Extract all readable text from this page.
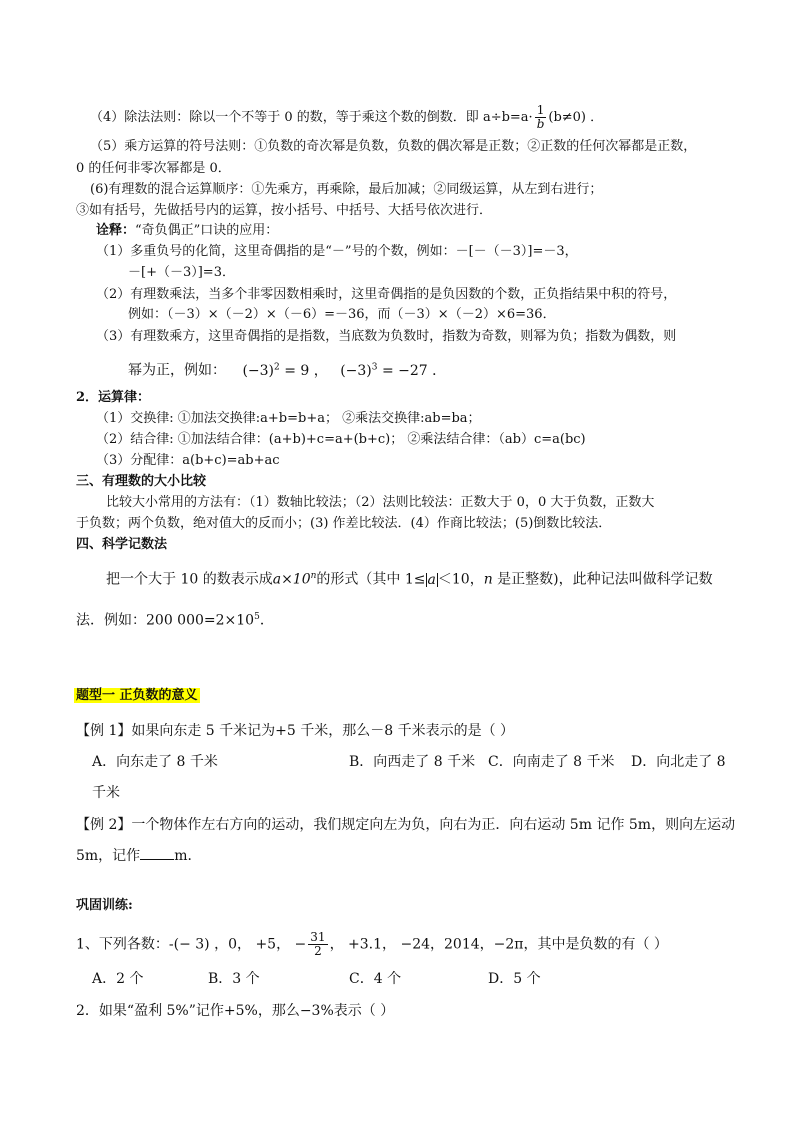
（4）除法法则：除以一个不等于 0 的数，等于乘这个数的倒数．即 $a\div b=a\cdot \frac{1}{b} (b\ne 0)$ ．
（5）乘方运算的符号法则：①负数的奇次幂是负数，负数的偶次幂是正数；②正数的任何次幂都是正数，
0 的任何非零次幂都是 0．
(6)有理数的混合运算顺序：①先乘方，再乘除，最后加减；②同级运算，从左到右进行；
③如有括号，先做括号内的运算，按小括号、中括号、大括号依次进行．
诠释：“奇负偶正”口诀的应用：
（1）多重负号的化简，这里奇偶指的是“－”号的个数，例如：－[－（－3）]=－3，
－[+（－3）]=3．
（2）有理数乘法，当多个非零因数相乘时，这里奇偶指的是负因数的个数，正负指结果中积的符号，
例如：（－3）×（－2）×（－6）=－36，而（－3）×（－2）×6=36．
（3）有理数乘方，这里奇偶指的是指数，当底数为负数时，指数为奇数，则幂为负；指数为偶数，则
幂为正，例如： $(-3)^2 = 9$ ， $(-3)^3 = -27$ ．
2．运算律：
（1）交换律: ①加法交换律:a+b=b+a； ②乘法交换律:ab=ba；
（2）结合律: ①加法结合律：(a+b)+c=a+(b+c)； ②乘法结合律：（ab）c=a(bc)
（3）分配律：a(b+c)=ab+ac
三、有理数的大小比较
比较大小常用的方法有：（1）数轴比较法；（2）法则比较法：正数大于 0，0 大于负数，正数大
于负数；两个负数，绝对值大的反而小；(3) 作差比较法．(4）作商比较法；(5)倒数比较法．
四、科学记数法
把一个大于 10 的数表示成$a\times 10^n$的形式（其中 1≤ a ＜10，n 是正整数)，此种记法叫做科学记数
法．例如：200 $000=2\times 10^5$．
题型一 正负数的意义
【例 1】如果向东走 5 千米记为+5 千米，那么－8 千米表示的是（ ）
A．向东走了 8 千米	B．向西走了 8 千米 C．向南走了 8 千米 D．向北走了 8
千米
【例 2】一个物体作左右方向的运动，我们规定向左为负，向右为正．向右运动 5m 记作 5m，则向左运动
5m，记作 m．
巩固训练:
1、下列各数：-(− 3) ，0， +5， − $\frac{31}{2}$ ， +3.1， −24，2014，−2π，其中是负数的有（ ）
A．2 个	B．3 个	C．4 个	D．5 个
2．如果“盈利 5%”记作+5%，那么−3%表示（ ）
